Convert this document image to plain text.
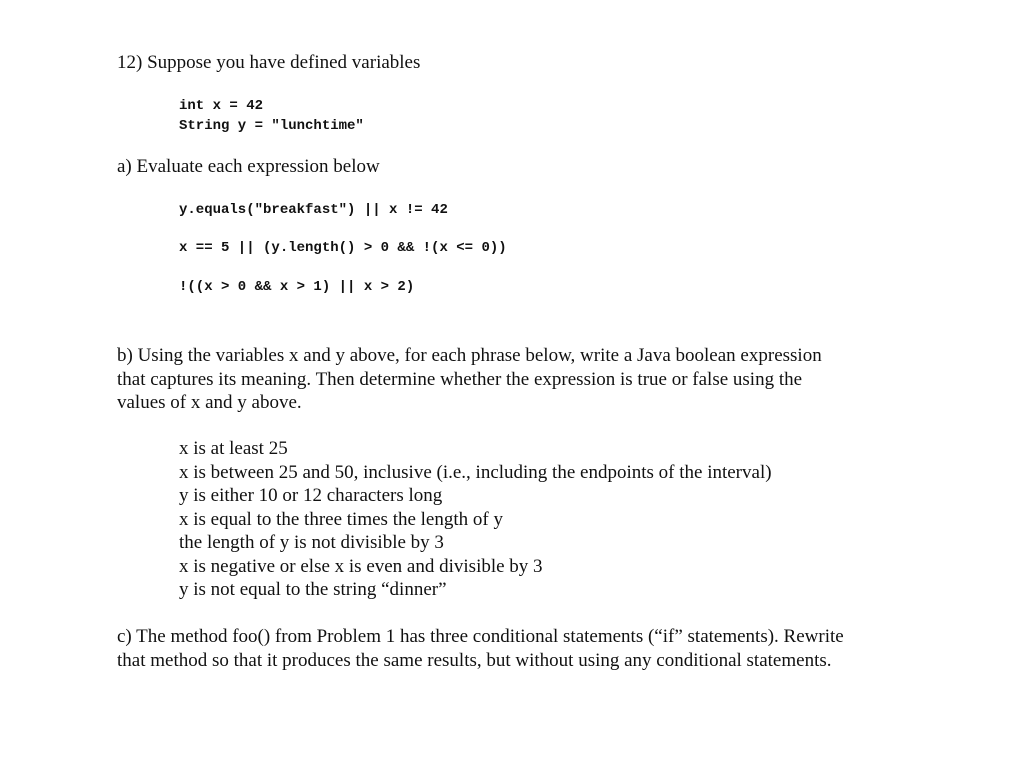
12) Suppose you have defined variables
int x = 42
String y = "lunchtime"
a) Evaluate each expression below
y.equals("breakfast") || x != 42
x == 5 || (y.length() > 0 && !(x <= 0))
!((x > 0 && x > 1) || x > 2)
b) Using the variables x and y above, for each phrase below, write a Java boolean expression
that captures its meaning. Then determine whether the expression is true or false using the
values of x and y above.
x is at least 25
x is between 25 and 50, inclusive (i.e., including the endpoints of the interval)
y is either 10 or 12 characters long
x is equal to the three times the length of y
the length of y is not divisible by 3
x is negative or else x is even and divisible by 3
y is not equal to the string “dinner”
c) The method foo() from Problem 1 has three conditional statements (“if” statements). Rewrite
that method so that it produces the same results, but without using any conditional statements.
